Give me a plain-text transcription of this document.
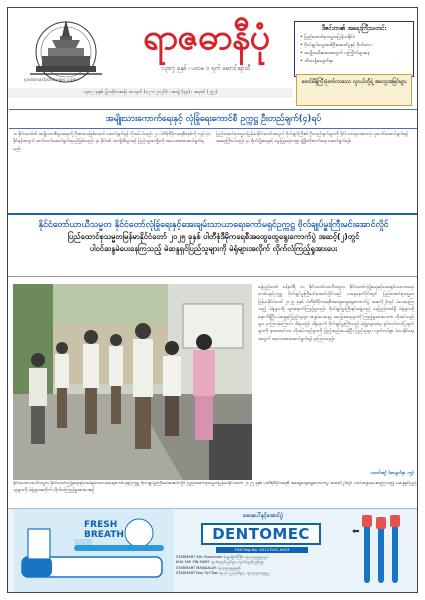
yadanarbonnews.com
ရာဇဓာနီပုံ
၁၃၈၇ ခုနှစ် ၊ ပထမ ၁ ရက် ဆောင်းရာသီ
ဒီဇင်ဘာ၏ အရေးကြီးသတင်း
• ပြည်ထောင်စုသမ္မတမြန်မာနိုင်ငံ
• ဗိုလ်ချုပ်သွေးသစ်ဦးဆောင်မှုနှင့် ဗိုလ်လေး
• အမျိုးသမီးဆေးအတွက် လူကြိုက်များနေ
• သီးသန့်စာမျက်နှာ
မောင်မိန့်ကြီးပုံဖော်လာသော လူငယ်တို့ရဲ့ အတွေးအမြင်များ
၁၃၈၇ ခုနှစ်၊ ပြာသိုလဆန်း ၁၀ ရက် (၁၂-၁-၂၀၂၆) ၊ အတွဲ (၃၄) ၊ အမှတ် (၂၅၇)
အမျိုးသားကောက်ရေးနှင့် လုံခြုံရေးကောင်စီ ဥက္ကဋ္ဌ ဦးတည်ချက်(၄)ရပ်
၁။ နိုင်ငံတော်၏ အမျိုးသားစီးပွားရေးကို ဦးစားပေးဖြစ်အောင် ဆောင်ရွက်ရန် လိုအပ်ပါသည်။ ၂။ ပါတီစုံဒီမိုကရေစီစနစ်ကို ကျင့်သုံးနိုင်ရန်အတွက် ဆက်လက်ဆောင်ရွက်ရမည်ဖြစ်သည်။ ၃။ နိုင်ငံ၏ အကျိုးစီးပွားနှင့် ပြည်သူ့အကျိုးကို အလေးထားဆောင်ရွက်ရမည်။
ပြည်ထောင်စုသမ္မတမြန်မာနိုင်ငံတော်အတွက် ဗိုလ်ချုပ်ကြီး၏ ဦးတည်ချက်များကို နိုင်ငံသားများအားလုံး ပူးပေါင်းဆောင်ရွက်ရန် အရေးကြီးပါသည်။ ၄။ စိုက်ပျိုးရေးနှင့် မွေးမြူရေးကဏ္ဍ ဖွံ့ဖြိုးတိုးတက်ရေး ဆောင်ရွက်ရန်။
နိုင်ငံတော်ယာယီသမ္မတ နိုင်ငံတော်လုံခြုံရေးနှင့်အေးချမ်းသာယာရေးကော်မရှင်ဥက္ကဋ္ဌ ဗိုလ်ချုပ်မှူးကြီးမင်းအောင်လှိုင်
ပြည်ထောင်စုသမ္မတမြန်မာနိုင်ငံတော် ၂၀၂၅ ခုနှစ် ပါတီစုံဒီမိုကရေစီအထွေထွေရွေးကောက်ပွဲ အဆင့်(၂)တွင်
ပါဝင်ဆန္ဒမဲပေးနေကြသည့် မဲဆန္ဒရှင်ပြည်သူများကို မဲရုံများအလိုက် လိုက်လံကြည့်ရှုအားပေး
နေပြည်တော် ဇန်နဝါရီ ၁၁ နိုင်ငံတော်ယာယီသမ္မတ နိုင်ငံတော်လုံခြုံရေးနှင့်အေးချမ်းသာယာရေးကော်မရှင်ဥက္ကဋ္ဌ ဗိုလ်ချုပ်မှူးကြီးမင်းအောင်လှိုင်သည် ယနေ့မနက်ပိုင်းတွင် ပြည်ထောင်စုသမ္မတမြန်မာနိုင်ငံတော် ၂၀၂၅ ခုနှစ် ပါတီစုံဒီမိုကရေစီအထွေထွေရွေးကောက်ပွဲ အဆင့်(၂)တွင် မဲပေးနေကြသည့် မဲရုံများသို့ သွားရောက်ကြည့်ရှုသည်။ ဗိုလ်ချုပ်မှူးကြီးနှင့်အဖွဲ့သည် နေပြည်တော်ရှိ မဲရုံများသို့ ရောက်ရှိပြီး မဲဆန္ဒရှင်ပြည်သူများ ဆန္ဒမဲပေးနေမှု အခြေအနေများကို ကြည့်ရှုအားပေးကာ လိုအပ်သည်များ မှာကြားခဲ့ကြောင်း သိရသည်။ ထို့နောက် ဗိုလ်ချုပ်မှူးကြီးသည် မဲရုံမှူးများထံမှ ရှင်းလင်းတင်ပြချက်များကို နားထောင်ကာ လိုအပ်သည်များကို ဖြည့်ဆည်းပေးခဲ့ပြီး ပြည်သူများ လွတ်လပ်စွာ မဲပေးနိုင်ရေးအတွက် အလေးထားဆောင်ရွက်ရန် မှာကြားသည်။
သတင်းစဉ် (စာမျက်နှာ ၁၅)
နိုင်ငံတော်ယာယီသမ္မတ နိုင်ငံတော်လုံခြုံရေးနှင့်အေးချမ်းသာယာရေးကော်မရှင်ဥက္ကဋ္ဌ ဗိုလ်ချုပ်မှူးကြီးမင်းအောင်လှိုင် ပြည်ထောင်စုသမ္မတမြန်မာနိုင်ငံတော် ၂၀၂၅ ခုနှစ် ပါတီစုံဒီမိုကရေစီ အထွေထွေရွေးကောက်ပွဲ အဆင့်(၂)တွင် ပါဝင်ဆန္ဒမဲပေးနေကြသည့် မဲဆန္ဒရှင်ပြည်သူများကို မဲရုံများအလိုက် လိုက်လံကြည့်ရှုအားပေးစဉ်
FRESH
BREATH
ဆေးပေါ်နှင့်အောင်ပွဲ
DENTOMEC
FDA Reg.No. 2012-ROC-0853
STARMART 4th Showroom (ရွှေကျိုက်ကြီး) ၀၉-၄၄၅၅၅၉၇၅၁
KHA YAE PIN MART ၀၉-၆၈၉၃၆၂၅၆၅၈, ၀၉-၆၈၉၃၆၂၅၆၅၉
STARMART MANDALAY ၀၉-၄၅၄၅၅၅၉၅၆
STARMART Nay Pyi Taw ၀၉-၄၁၇၂၃၃၃၆၉၃, ၀၉-၄၄၄၃၁၅၉၅၂
⬅
